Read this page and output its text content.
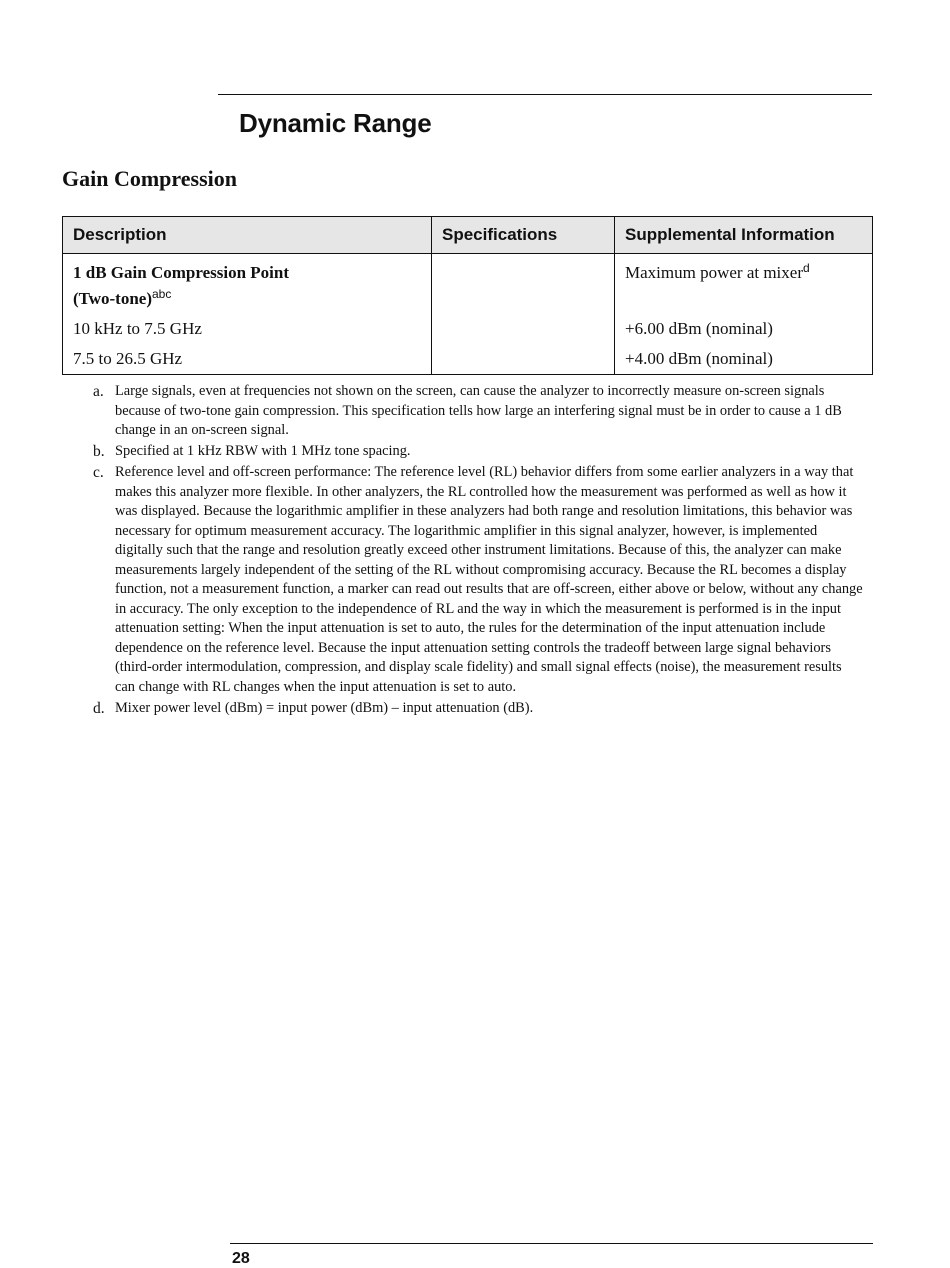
Dynamic Range
Gain Compression
Description	Specifications	Supplemental Information
1 dB Gain Compression Point
(Two-tone)$^{abc}$		Maximum power at mixer$^d$
10 kHz to 7.5 GHz		+6.00 dBm (nominal)
7.5 to 26.5 GHz		+4.00 dBm (nominal)
a. Large signals, even at frequencies not shown on the screen, can cause the analyzer to incorrectly measure on-screen signals because of two-tone gain compression. This specification tells how large an interfering signal must be in order to cause a 1 dB change in an on-screen signal.
b. Specified at 1 kHz RBW with 1 MHz tone spacing.
c. Reference level and off-screen performance: The reference level (RL) behavior differs from some earlier analyzers in a way that makes this analyzer more flexible. In other analyzers, the RL controlled how the measurement was performed as well as how it was displayed. Because the logarithmic amplifier in these analyzers had both range and resolution limitations, this behavior was necessary for optimum measurement accuracy. The logarithmic amplifier in this signal analyzer, however, is implemented digitally such that the range and resolution greatly exceed other instrument limitations. Because of this, the analyzer can make measurements largely independent of the setting of the RL without compromising accuracy. Because the RL becomes a display function, not a measurement function, a marker can read out results that are off-screen, either above or below, without any change in accuracy. The only exception to the independence of RL and the way in which the measurement is performed is in the input attenuation setting: When the input attenuation is set to auto, the rules for the determination of the input attenuation include dependence on the reference level. Because the input attenuation setting controls the tradeoff between large signal behaviors (third-order intermodulation, compression, and display scale fidelity) and small signal effects (noise), the measurement results can change with RL changes when the input attenuation is set to auto.
d. Mixer power level (dBm) = input power (dBm) – input attenuation (dB).
28
